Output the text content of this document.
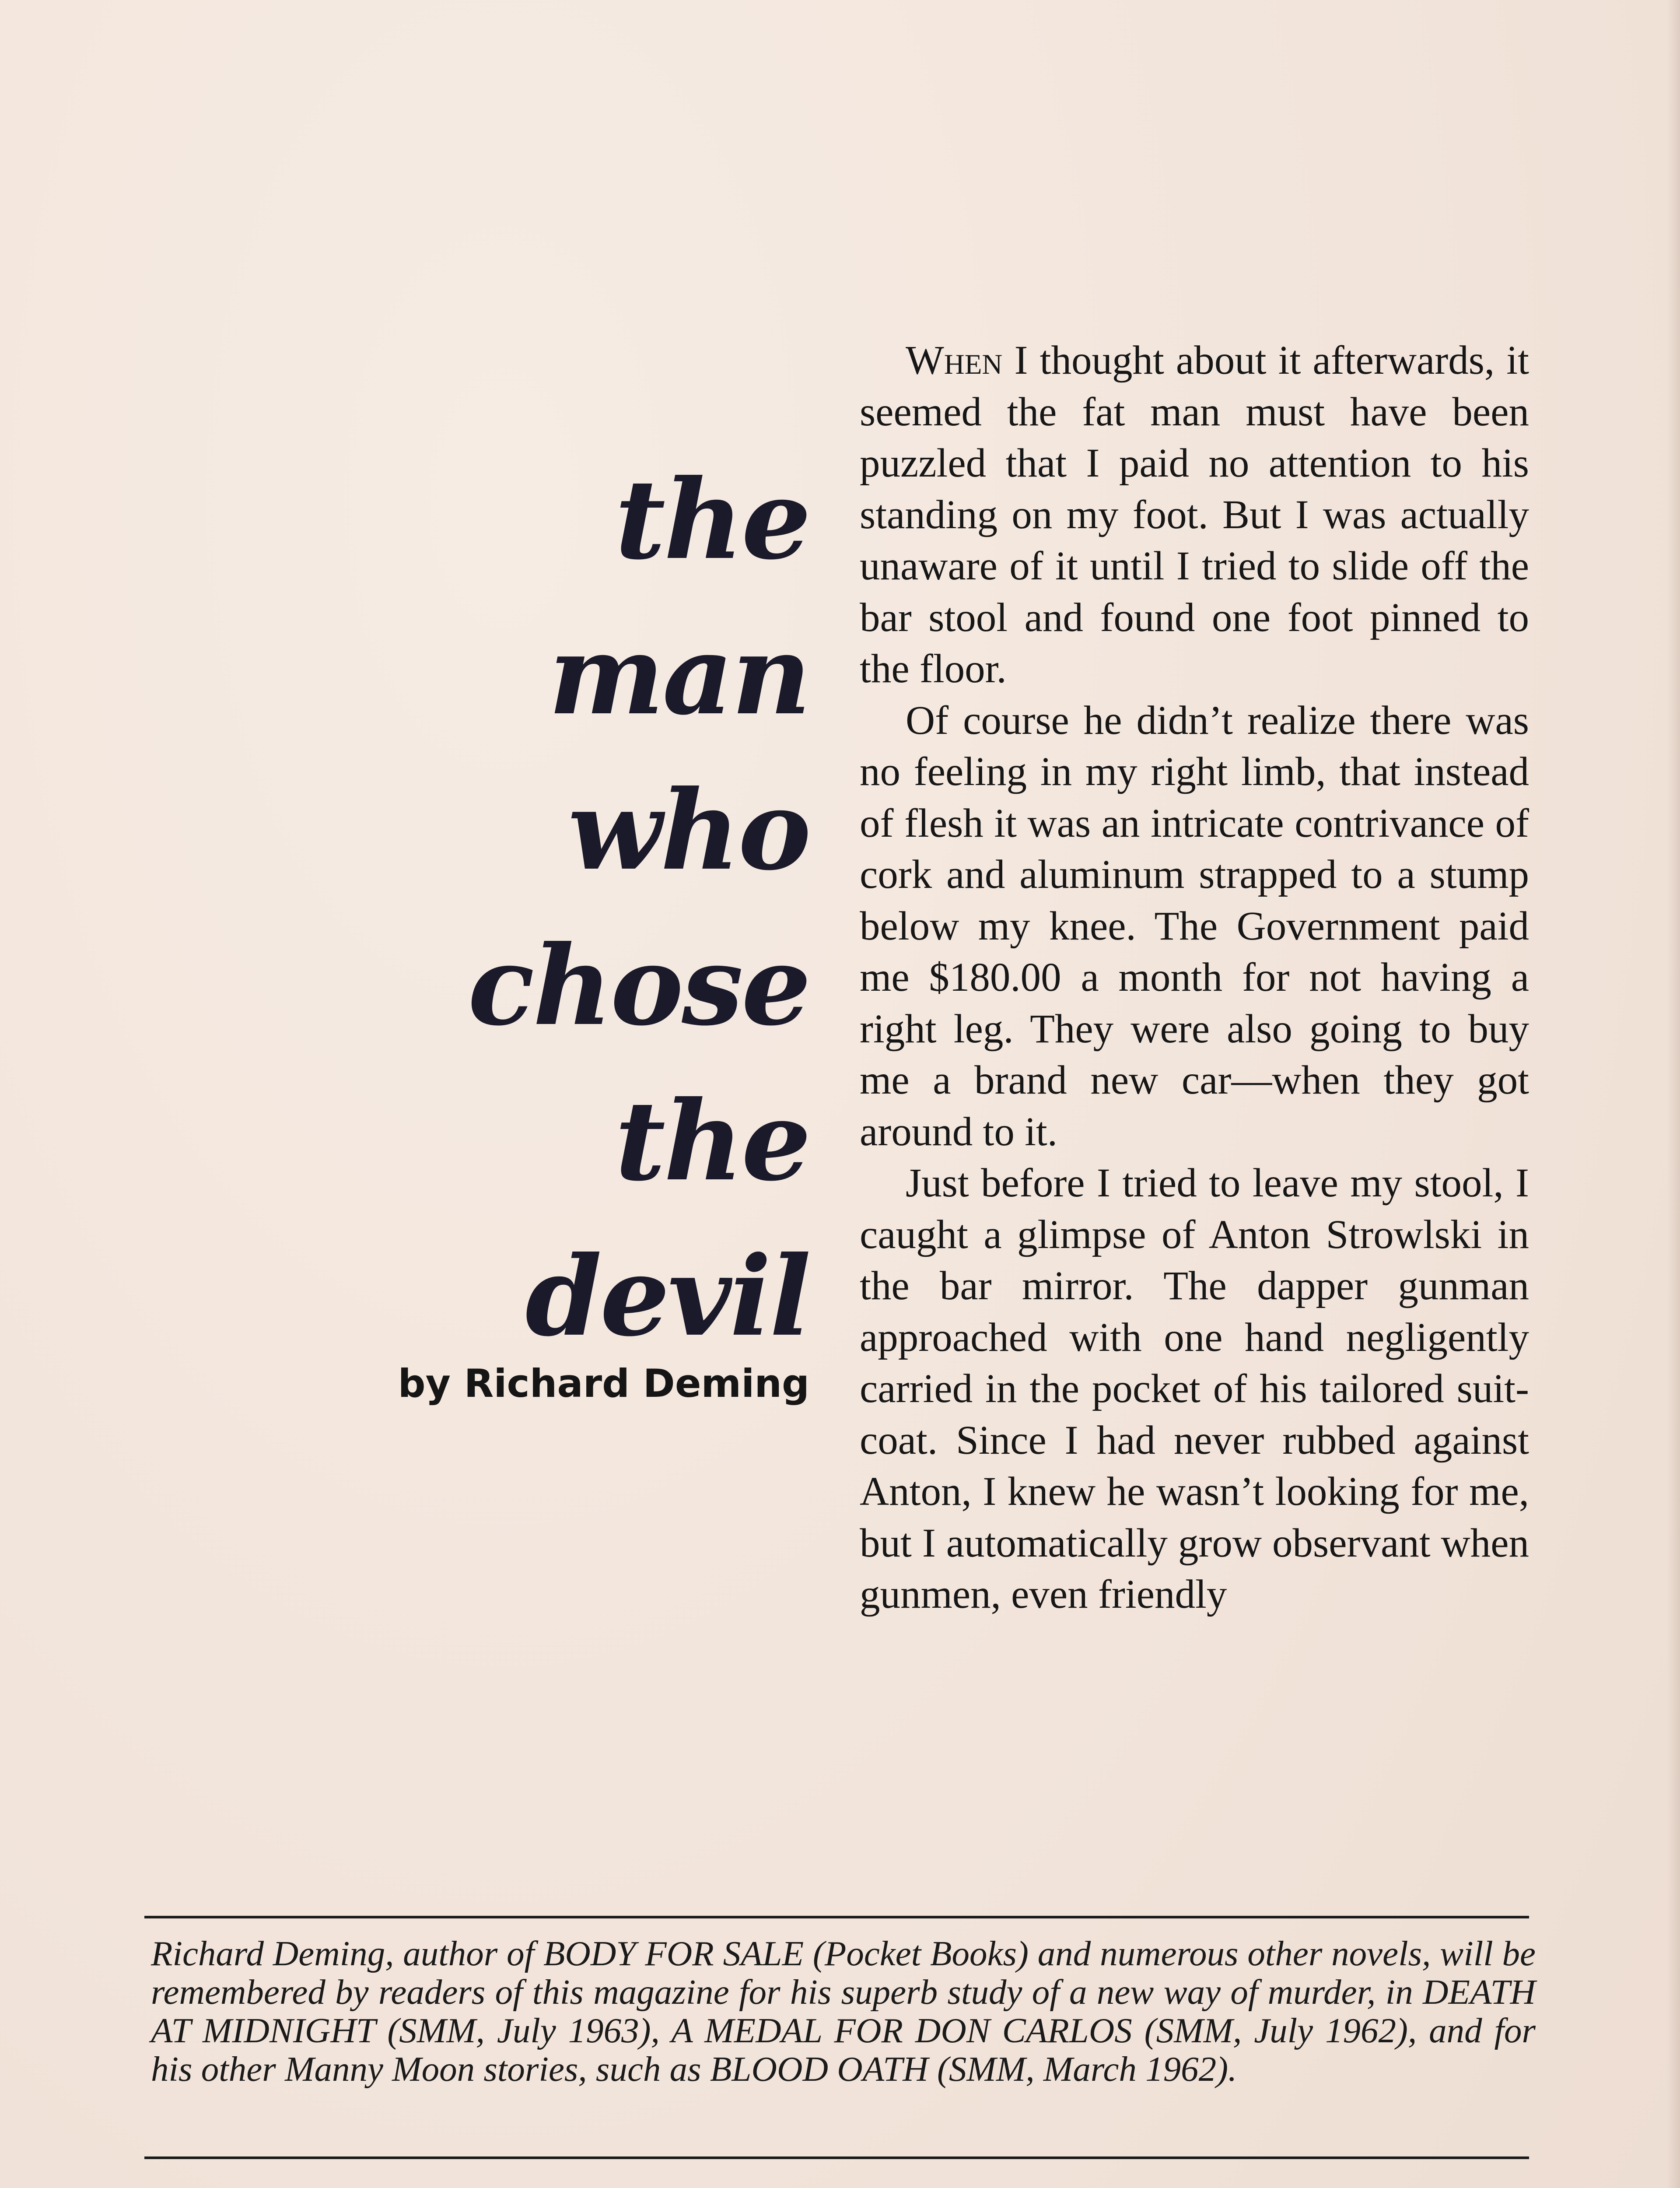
the
man
who
chose
the
devil
by Richard Deming

When I thought about it afterwards, it seemed the fat man must have been puzzled that I paid no attention to his standing on my foot. But I was actually unaware of it until I tried to slide off the bar stool and found one foot pinned to the floor.

Of course he didn’t realize there was no feeling in my right limb, that instead of flesh it was an intricate contrivance of cork and aluminum strapped to a stump below my knee. The Government paid me $180.00 a month for not having a right leg. They were also going to buy me a brand new car—when they got around to it.

Just before I tried to leave my stool, I caught a glimpse of Anton Strowlski in the bar mirror. The dapper gunman approached with one hand negligently carried in the pocket of his tailored suit-coat. Since I had never rubbed against Anton, I knew he wasn’t looking for me, but I automatically grow observant when gunmen, even friendly

Richard Deming, author of BODY FOR SALE (Pocket Books) and numerous other novels, will be remembered by readers of this magazine for his superb study of a new way of murder, in DEATH AT MIDNIGHT (SMM, July 1963), A MEDAL FOR DON CARLOS (SMM, July 1962), and for his other Manny Moon stories, such as BLOOD OATH (SMM, March 1962).
